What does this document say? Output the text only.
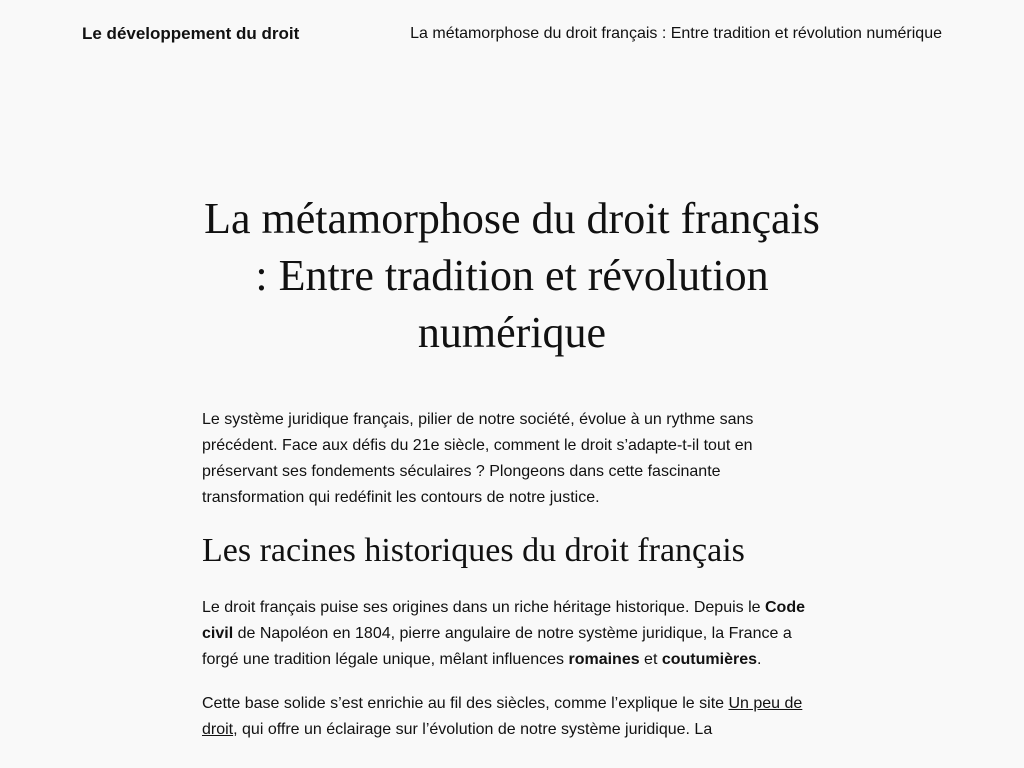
Le développement du droit	La métamorphose du droit français : Entre tradition et révolution numérique
La métamorphose du droit français : Entre tradition et révolution numérique

Le système juridique français, pilier de notre société, évolue à un rythme sans précédent. Face aux défis du 21e siècle, comment le droit s’adapte-t-il tout en préservant ses fondements séculaires ? Plongeons dans cette fascinante transformation qui redéfinit les contours de notre justice.

Les racines historiques du droit français

Le droit français puise ses origines dans un riche héritage historique. Depuis le Code civil de Napoléon en 1804, pierre angulaire de notre système juridique, la France a forgé une tradition légale unique, mêlant influences romaines et coutumières.

Cette base solide s’est enrichie au fil des siècles, comme l’explique le site Un peu de droit, qui offre un éclairage sur l’évolution de notre système juridique. La
